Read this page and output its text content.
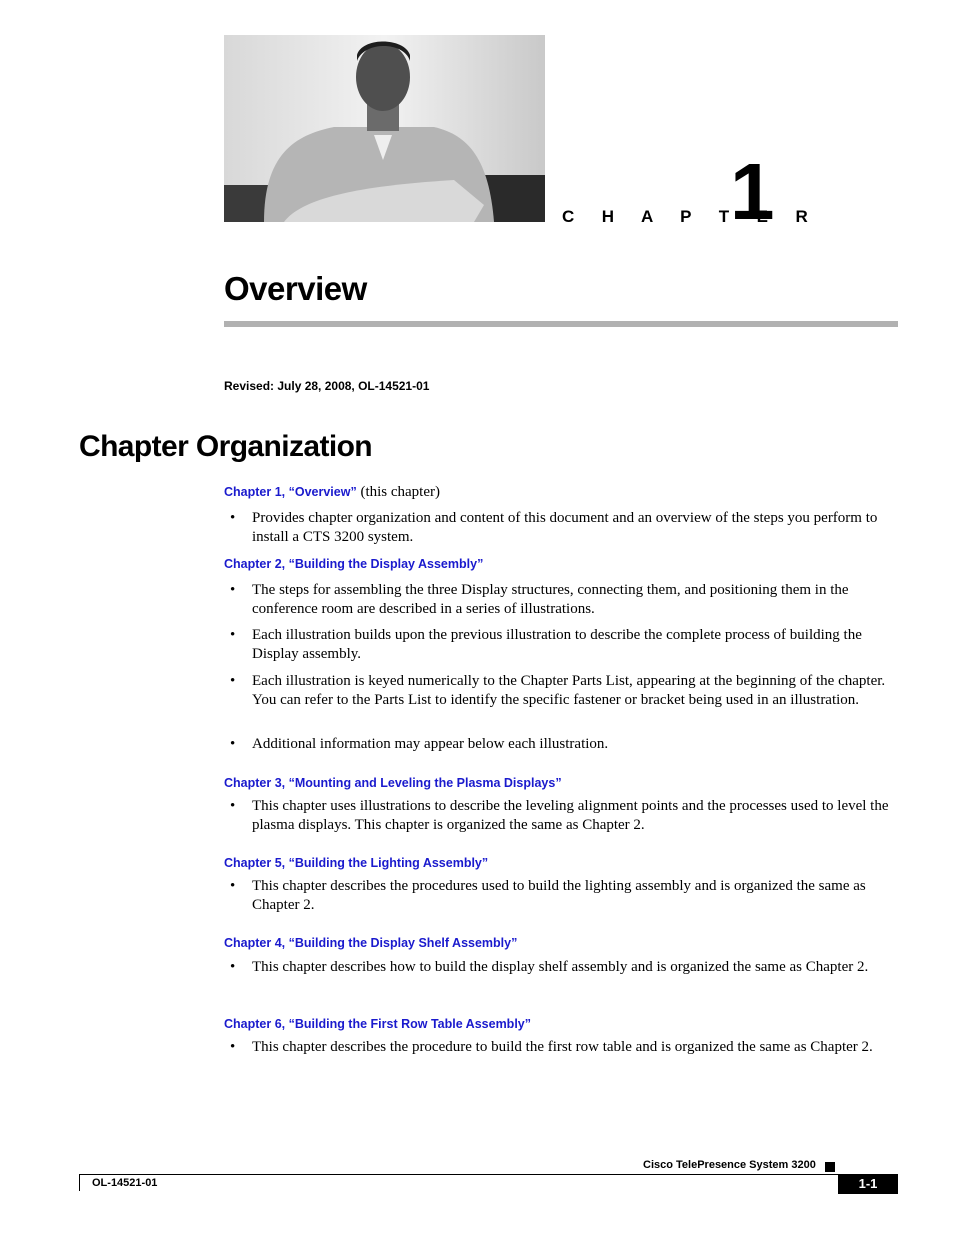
C H A P T E R
1
Overview
Revised: July 28, 2008, OL-14521-01
Chapter Organization
Chapter 1, “Overview” (this chapter)
• Provides chapter organization and content of this document and an overview of the steps you perform to install a CTS 3200 system.
Chapter 2, “Building the Display Assembly”
• The steps for assembling the three Display structures, connecting them, and positioning them in the conference room are described in a series of illustrations.
• Each illustration builds upon the previous illustration to describe the complete process of building the Display assembly.
• Each illustration is keyed numerically to the Chapter Parts List, appearing at the beginning of the chapter. You can refer to the Parts List to identify the specific fastener or bracket being used in an illustration.
• Additional information may appear below each illustration.
Chapter 3, “Mounting and Leveling the Plasma Displays”
• This chapter uses illustrations to describe the leveling alignment points and the processes used to level the plasma displays. This chapter is organized the same as Chapter 2.
Chapter 5, “Building the Lighting Assembly”
• This chapter describes the procedures used to build the lighting assembly and is organized the same as Chapter 2.
Chapter 4, “Building the Display Shelf Assembly”
• This chapter describes how to build the display shelf assembly and is organized the same as Chapter 2.
Chapter 6, “Building the First Row Table Assembly”
• This chapter describes the procedure to build the first row table and is organized the same as Chapter 2.
Cisco TelePresence System 3200
OL-14521-01	1-1
